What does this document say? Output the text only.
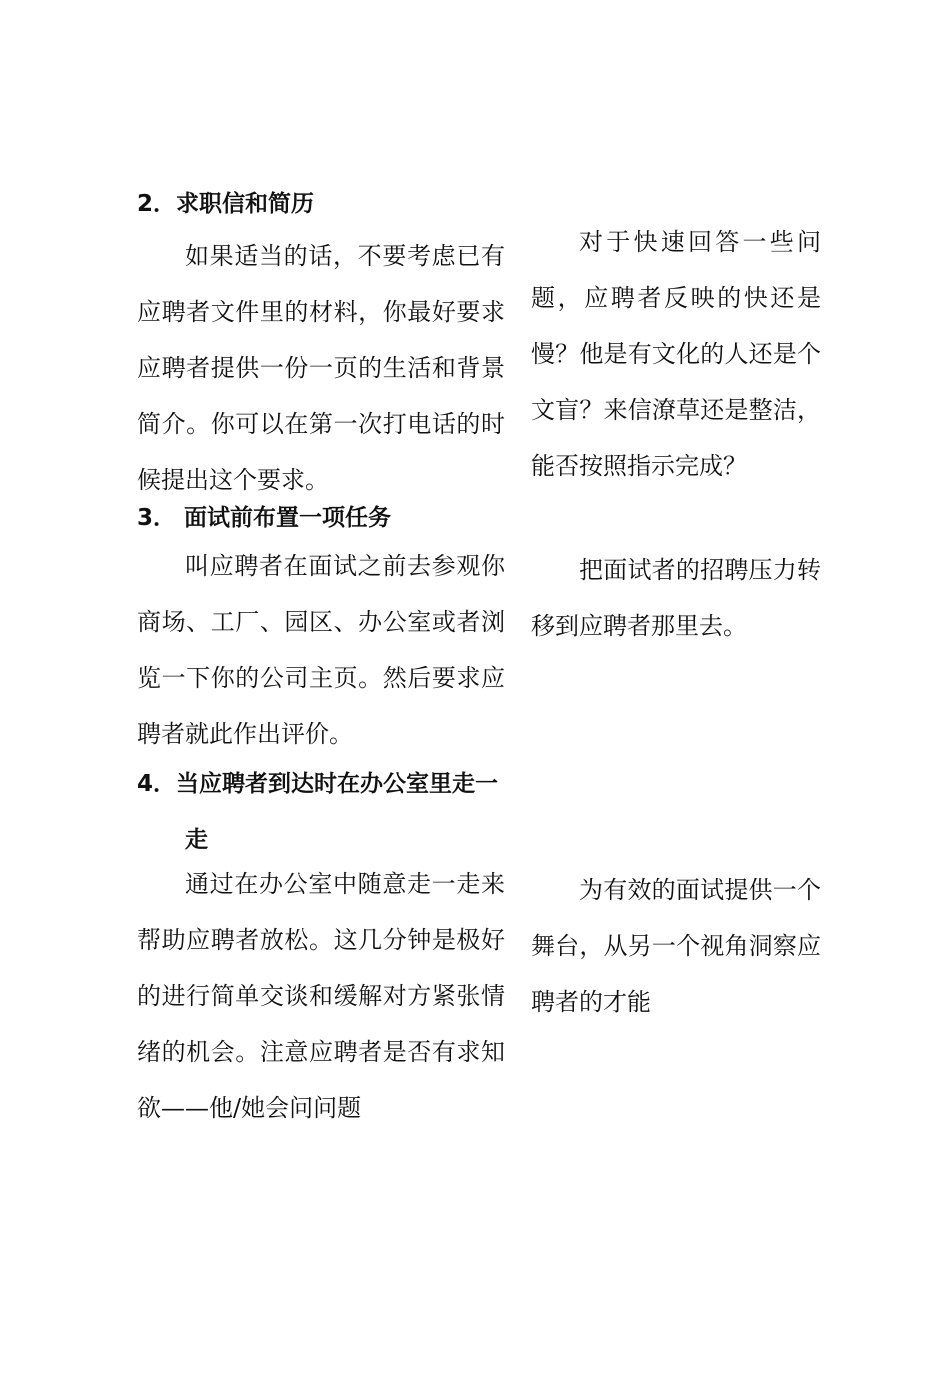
2．求职信和简历

如果适当的话，不要考虑已有应聘者文件里的材料，你最好要求应聘者提供一份一页的生活和背景简介。你可以在第一次打电话的时候提出这个要求。

3． 面试前布置一项任务

叫应聘者在面试之前去参观你商场、工厂、园区、办公室或者浏览一下你的公司主页。然后要求应聘者就此作出评价。

4．当应聘者到达时在办公室里走一走

通过在办公室中随意走一走来帮助应聘者放松。这几分钟是极好的进行简单交谈和缓解对方紧张情绪的机会。注意应聘者是否有求知欲——他/她会问问题

对于快速回答一些问题，应聘者反映的快还是慢？他是有文化的人还是个文盲？来信潦草还是整洁，能否按照指示完成？

把面试者的招聘压力转移到应聘者那里去。

为有效的面试提供一个舞台，从另一个视角洞察应聘者的才能
